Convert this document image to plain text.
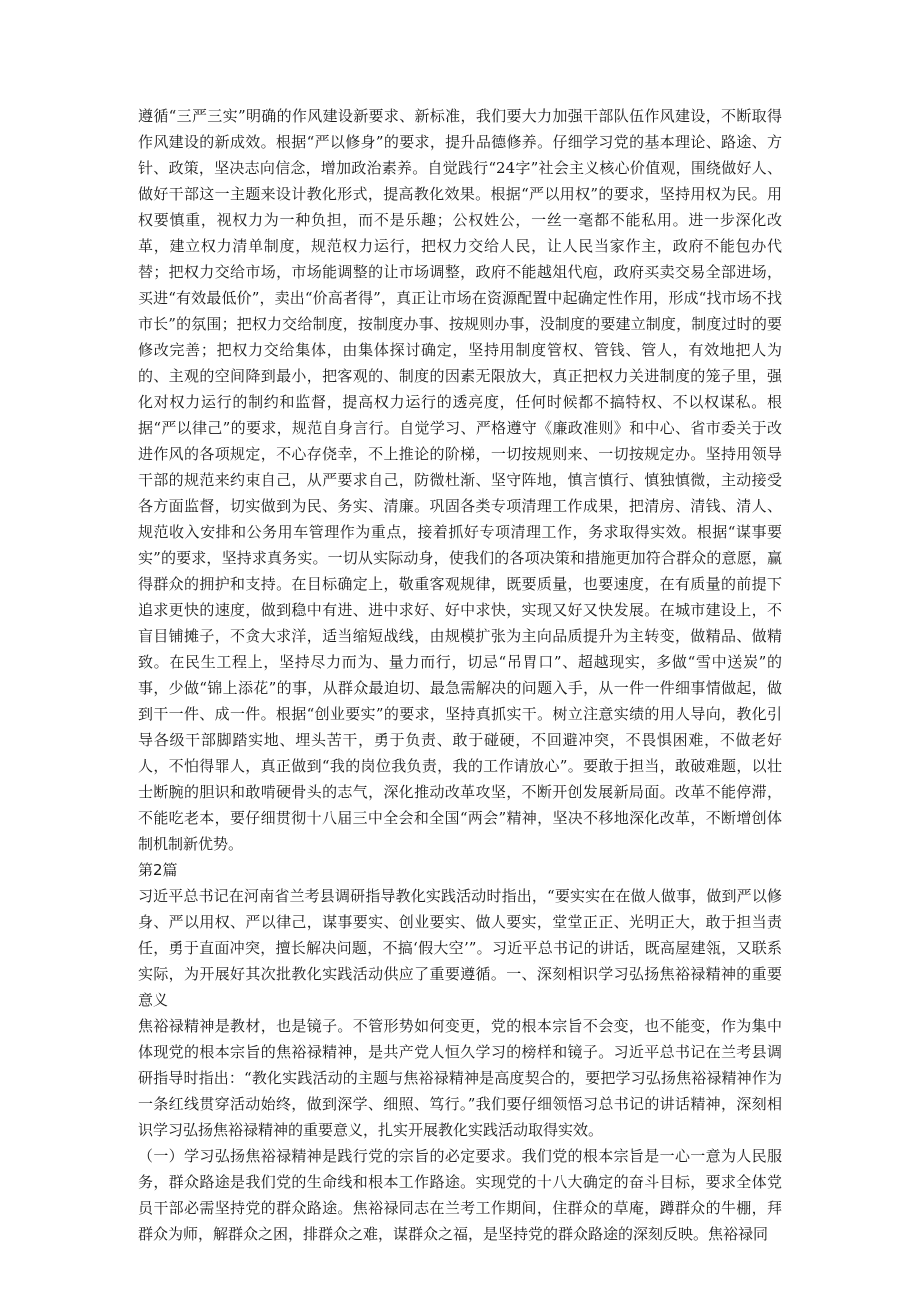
遵循“三严三实”明确的作风建设新要求、新标准，我们要大力加强干部队伍作风建设，不断取得作风建设的新成效。根据“严以修身”的要求，提升品德修养。仔细学习党的基本理论、路途、方针、政策，坚决志向信念，增加政治素养。自觉践行“24字”社会主义核心价值观，围绕做好人、做好干部这一主题来设计教化形式，提高教化效果。根据“严以用权”的要求，坚持用权为民。用权要慎重，视权力为一种负担，而不是乐趣；公权姓公，一丝一毫都不能私用。进一步深化改革，建立权力清单制度，规范权力运行，把权力交给人民，让人民当家作主，政府不能包办代替；把权力交给市场，市场能调整的让市场调整，政府不能越俎代庖，政府买卖交易全部进场，买进“有效最低价”，卖出“价高者得”，真正让市场在资源配置中起确定性作用，形成“找市场不找市长”的氛围；把权力交给制度，按制度办事、按规则办事，没制度的要建立制度，制度过时的要修改完善；把权力交给集体，由集体探讨确定，坚持用制度管权、管钱、管人，有效地把人为的、主观的空间降到最小，把客观的、制度的因素无限放大，真正把权力关进制度的笼子里，强化对权力运行的制约和监督，提高权力运行的透亮度，任何时候都不搞特权、不以权谋私。根据“严以律己”的要求，规范自身言行。自觉学习、严格遵守《廉政准则》和中心、省市委关于改进作风的各项规定，不心存侥幸，不上推论的阶梯，一切按规则来、一切按规定办。坚持用领导干部的规范来约束自己，从严要求自己，防微杜渐、坚守阵地，慎言慎行、慎独慎微，主动接受各方面监督，切实做到为民、务实、清廉。巩固各类专项清理工作成果，把清房、清钱、清人、规范收入安排和公务用车管理作为重点，接着抓好专项清理工作，务求取得实效。根据“谋事要实”的要求，坚持求真务实。一切从实际动身，使我们的各项决策和措施更加符合群众的意愿，赢得群众的拥护和支持。在目标确定上，敬重客观规律，既要质量，也要速度，在有质量的前提下追求更快的速度，做到稳中有进、进中求好、好中求快，实现又好又快发展。在城市建设上，不盲目铺摊子，不贪大求洋，适当缩短战线，由规模扩张为主向品质提升为主转变，做精品、做精致。在民生工程上，坚持尽力而为、量力而行，切忌“吊胃口”、超越现实，多做“雪中送炭”的事，少做“锦上添花”的事，从群众最迫切、最急需解决的问题入手，从一件一件细事情做起，做到干一件、成一件。根据“创业要实”的要求，坚持真抓实干。树立注意实绩的用人导向，教化引导各级干部脚踏实地、埋头苦干，勇于负责、敢于碰硬，不回避冲突，不畏惧困难，不做老好人，不怕得罪人，真正做到“我的岗位我负责，我的工作请放心”。要敢于担当，敢破难题，以壮士断腕的胆识和敢啃硬骨头的志气，深化推动改革攻坚，不断开创发展新局面。改革不能停滞，不能吃老本，要仔细贯彻十八届三中全会和全国“两会”精神，坚决不移地深化改革，不断增创体制机制新优势。

第2篇

习近平总书记在河南省兰考县调研指导教化实践活动时指出，“要实实在在做人做事，做到严以修身、严以用权、严以律己，谋事要实、创业要实、做人要实，堂堂正正、光明正大，敢于担当责任，勇于直面冲突，擅长解决问题，不搞‘假大空’”。习近平总书记的讲话，既高屋建瓴，又联系实际，为开展好其次批教化实践活动供应了重要遵循。一、深刻相识学习弘扬焦裕禄精神的重要意义

焦裕禄精神是教材，也是镜子。不管形势如何变更，党的根本宗旨不会变，也不能变，作为集中体现党的根本宗旨的焦裕禄精神，是共产党人恒久学习的榜样和镜子。习近平总书记在兰考县调研指导时指出：“教化实践活动的主题与焦裕禄精神是高度契合的，要把学习弘扬焦裕禄精神作为一条红线贯穿活动始终，做到深学、细照、笃行。”我们要仔细领悟习总书记的讲话精神，深刻相识学习弘扬焦裕禄精神的重要意义，扎实开展教化实践活动取得实效。

（一）学习弘扬焦裕禄精神是践行党的宗旨的必定要求。我们党的根本宗旨是一心一意为人民服务，群众路途是我们党的生命线和根本工作路途。实现党的十八大确定的奋斗目标，要求全体党员干部必需坚持党的群众路途。焦裕禄同志在兰考工作期间，住群众的草庵，蹲群众的牛棚，拜群众为师，解群众之困，排群众之难，谋群众之福，是坚持党的群众路途的深刻反映。焦裕禄同
